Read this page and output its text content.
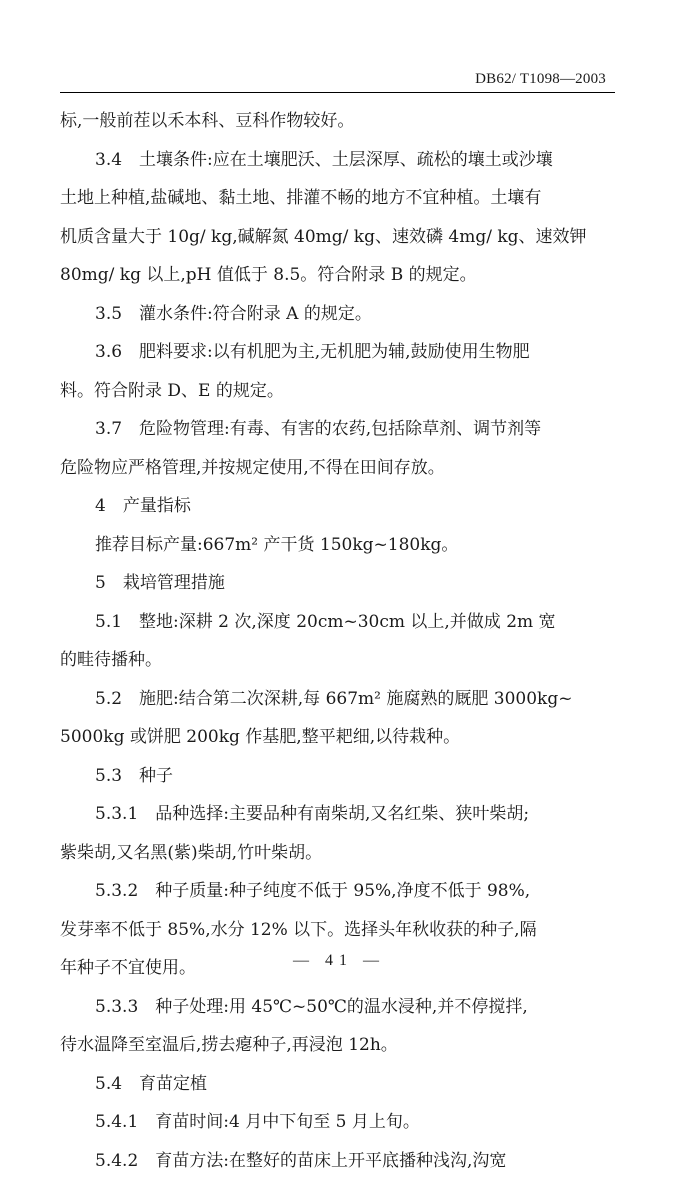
DB62/ T1098—2003
标,一般前茬以禾本科、豆科作物较好。
3.4　土壤条件:应在土壤肥沃、土层深厚、疏松的壤土或沙壤
土地上种植,盐碱地、黏土地、排灌不畅的地方不宜种植。土壤有
机质含量大于 10g/ kg,碱解氮 40mg/ kg、速效磷 4mg/ kg、速效钾
80mg/ kg 以上,pH 值低于 8.5。符合附录 B 的规定。
3.5　灌水条件:符合附录 A 的规定。
3.6　肥料要求:以有机肥为主,无机肥为辅,鼓励使用生物肥
料。符合附录 D、E 的规定。
3.7　危险物管理:有毒、有害的农药,包括除草剂、调节剂等
危险物应严格管理,并按规定使用,不得在田间存放。
4　产量指标
推荐目标产量:667m² 产干货 150kg~180kg。
5　栽培管理措施
5.1　整地:深耕 2 次,深度 20cm~30cm 以上,并做成 2m 宽
的畦待播种。
5.2　施肥:结合第二次深耕,每 667m² 施腐熟的厩肥 3000kg~
5000kg 或饼肥 200kg 作基肥,整平耙细,以待栽种。
5.3　种子
5.3.1　品种选择:主要品种有南柴胡,又名红柴、狭叶柴胡;
紫柴胡,又名黑(紫)柴胡,竹叶柴胡。
5.3.2　种子质量:种子纯度不低于 95%,净度不低于 98%,
发芽率不低于 85%,水分 12% 以下。选择头年秋收获的种子,隔
年种子不宜使用。
5.3.3　种子处理:用 45℃~50℃的温水浸种,并不停搅拌,
待水温降至室温后,捞去瘪种子,再浸泡 12h。
5.4　育苗定植
5.4.1　育苗时间:4 月中下旬至 5 月上旬。
5.4.2　育苗方法:在整好的苗床上开平底播种浅沟,沟宽
— 41 —
